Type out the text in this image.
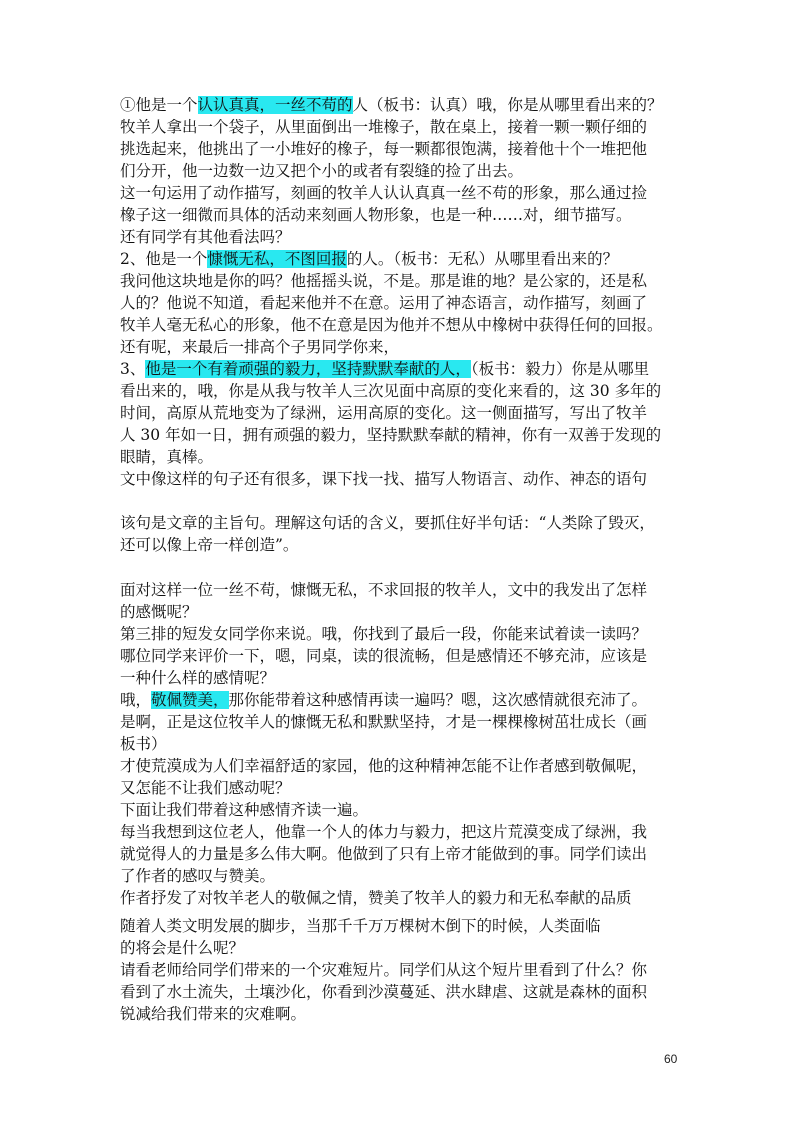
①他是一个认认真真，一丝不苟的人（板书：认真）哦，你是从哪里看出来的？

牧羊人拿出一个袋子，从里面倒出一堆橡子，散在桌上，接着一颗一颗仔细的

挑选起来，他挑出了一小堆好的橡子，每一颗都很饱满，接着他十个一堆把他

们分开，他一边数一边又把个小的或者有裂缝的捡了出去。

这一句运用了动作描写，刻画的牧羊人认认真真一丝不苟的形象，那么通过捡

橡子这一细微而具体的活动来刻画人物形象，也是一种……对，细节描写。

还有同学有其他看法吗？

2、他是一个慷慨无私，不图回报的人。（板书：无私）从哪里看出来的？

我问他这块地是你的吗？他摇摇头说，不是。那是谁的地？是公家的，还是私

人的？他说不知道，看起来他并不在意。运用了神态语言，动作描写，刻画了

牧羊人毫无私心的形象，他不在意是因为他并不想从中橡树中获得任何的回报。

还有呢，来最后一排高个子男同学你来，

3、他是一个有着顽强的毅力，坚持默默奉献的人，（板书：毅力）你是从哪里

看出来的，哦，你是从我与牧羊人三次见面中高原的变化来看的，这 30 多年的

时间，高原从荒地变为了绿洲，运用高原的变化。这一侧面描写，写出了牧羊

人 30 年如一日，拥有顽强的毅力，坚持默默奉献的精神，你有一双善于发现的

眼睛，真棒。

文中像这样的句子还有很多，课下找一找、描写人物语言、动作、神态的语句

该句是文章的主旨句。理解这句话的含义，要抓住好半句话：“人类除了毁灭，

还可以像上帝一样创造”。

面对这样一位一丝不苟，慷慨无私，不求回报的牧羊人，文中的我发出了怎样

的感慨呢？

第三排的短发女同学你来说。哦，你找到了最后一段，你能来试着读一读吗？

哪位同学来评价一下，嗯，同桌，读的很流畅，但是感情还不够充沛，应该是

一种什么样的感情呢？

哦，敬佩赞美，那你能带着这种感情再读一遍吗？嗯，这次感情就很充沛了。

是啊，正是这位牧羊人的慷慨无私和默默坚持，才是一棵棵橡树茁壮成长（画

板书）

才使荒漠成为人们幸福舒适的家园，他的这种精神怎能不让作者感到敬佩呢，

又怎能不让我们感动呢？

下面让我们带着这种感情齐读一遍。

每当我想到这位老人，他靠一个人的体力与毅力，把这片荒漠变成了绿洲，我

就觉得人的力量是多么伟大啊。他做到了只有上帝才能做到的事。同学们读出

了作者的感叹与赞美。

作者抒发了对牧羊老人的敬佩之情，赞美了牧羊人的毅力和无私奉献的品质

随着人类文明发展的脚步，当那千千万万棵树木倒下的时候，人类面临

的将会是什么呢？

请看老师给同学们带来的一个灾难短片。同学们从这个短片里看到了什么？你

看到了水土流失，土壤沙化，你看到沙漠蔓延、洪水肆虐、这就是森林的面积

锐减给我们带来的灾难啊。

60
